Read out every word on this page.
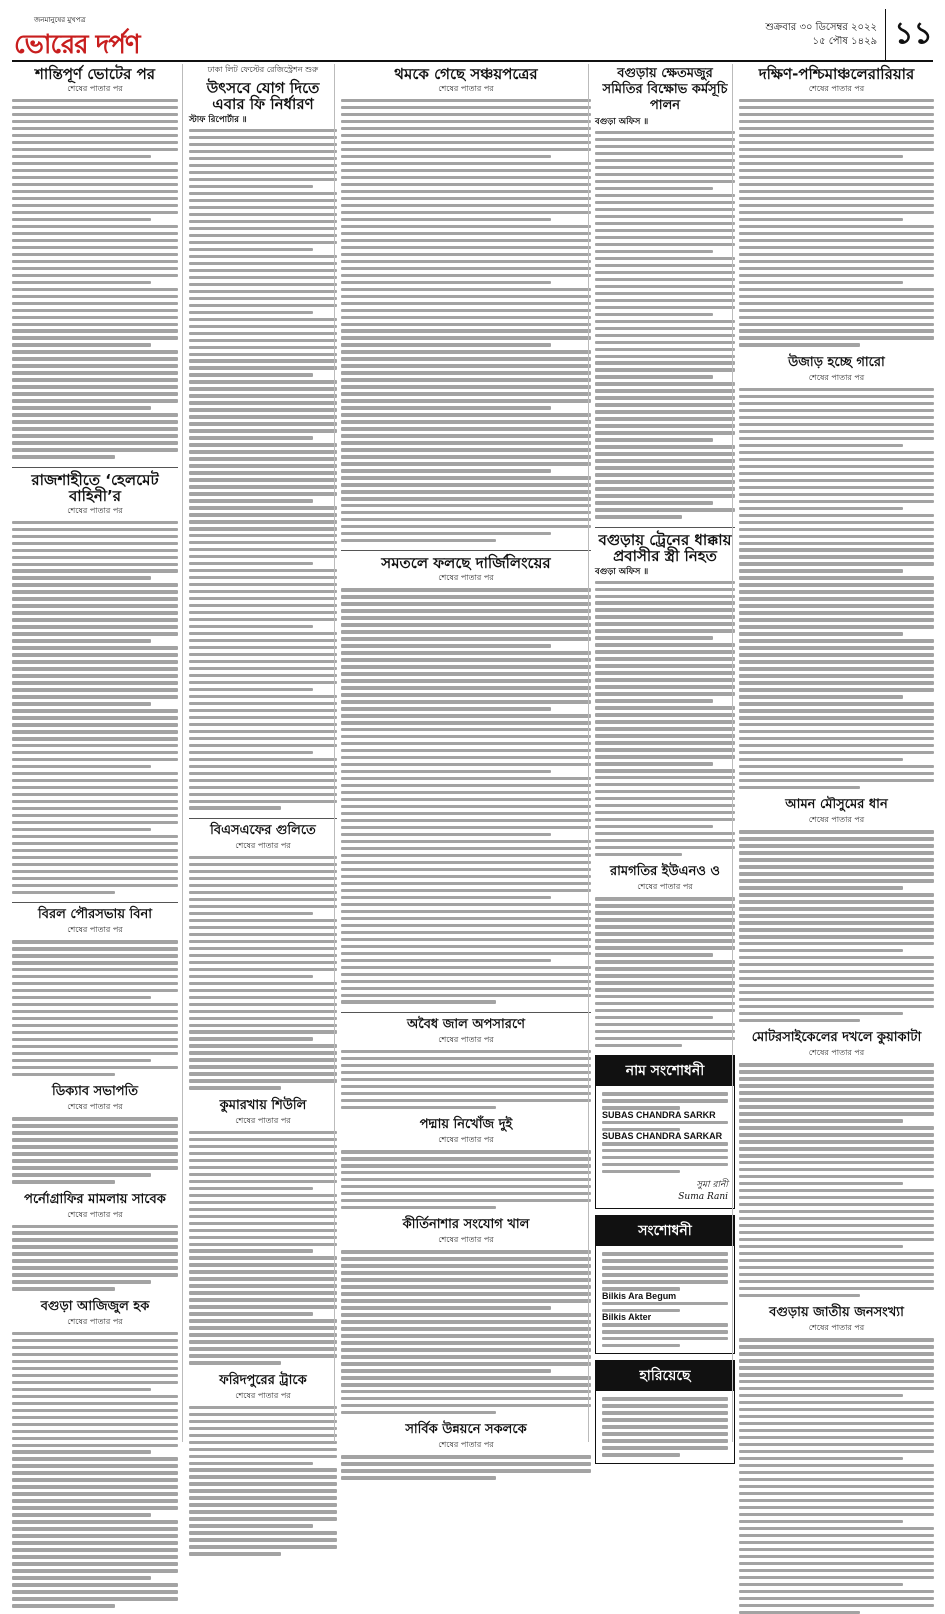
জনমানুষের মুখপত্র
ভোরের দর্পণ
শুক্রবার ৩০ ডিসেম্বর ২০২২
১৫ পৌষ ১৪২৯ ১১
শান্তিপূর্ণ ভোটের পর
শেষের পাতার পর
রাজশাহীতে ‘হেলমেট বাহিনী’র
শেষের পাতার পর
বিরল পৌরসভায় বিনা
শেষের পাতার পর
ডিক্যাব সভাপতি
শেষের পাতার পর
পর্নোগ্রাফির মামলায় সাবেক
শেষের পাতার পর
বগুড়া আজিজুল হক
শেষের পাতার পর
ঢাকা লিট ফেস্টের রেজিস্ট্রেশন শুরু
উৎসবে যোগ দিতে এবার ফি নির্ধারণ
স্টাফ রিপোর্টার ॥
বিএসএফের গুলিতে
শেষের পাতার পর
কুমারখায় শিউলি
শেষের পাতার পর
ফরিদপুরের ট্রাকে
শেষের পাতার পর
থমকে গেছে সঞ্চয়পত্রের
শেষের পাতার পর
সমতলে ফলছে দার্জিলিংয়ের
শেষের পাতার পর
অবৈধ জাল অপসারণে
শেষের পাতার পর
পদ্মায় নিখোঁজ দুই
শেষের পাতার পর
কীর্তিনাশার সংযোগ খাল
শেষের পাতার পর
সার্বিক উন্নয়নে সকলকে
শেষের পাতার পর
বগুড়ায় ক্ষেতমজুর সমিতির বিক্ষোভ কর্মসূচি পালন
বগুড়া অফিস ॥
বগুড়ায় ট্রেনের ধাক্কায় প্রবাসীর স্ত্রী নিহত
বগুড়া অফিস ॥
রামগতির ইউএনও ও
শেষের পাতার পর
নাম সংশোধনী
SUBAS CHANDRA SARKR
SUBAS CHANDRA SARKAR
সুমা রানী
Suma Rani
সংশোধনী
Bilkis Ara Begum
Bilkis Akter
হারিয়েছে
দক্ষিণ-পশ্চিমাঞ্চলেরারিয়ার
শেষের পাতার পর
উজাড় হচ্ছে গারো
শেষের পাতার পর
আমন মৌসুমের ধান
শেষের পাতার পর
মোটরসাইকেলের দখলে কুয়াকাটা
শেষের পাতার পর
বগুড়ায় জাতীয় জনসংখ্যা
শেষের পাতার পর
